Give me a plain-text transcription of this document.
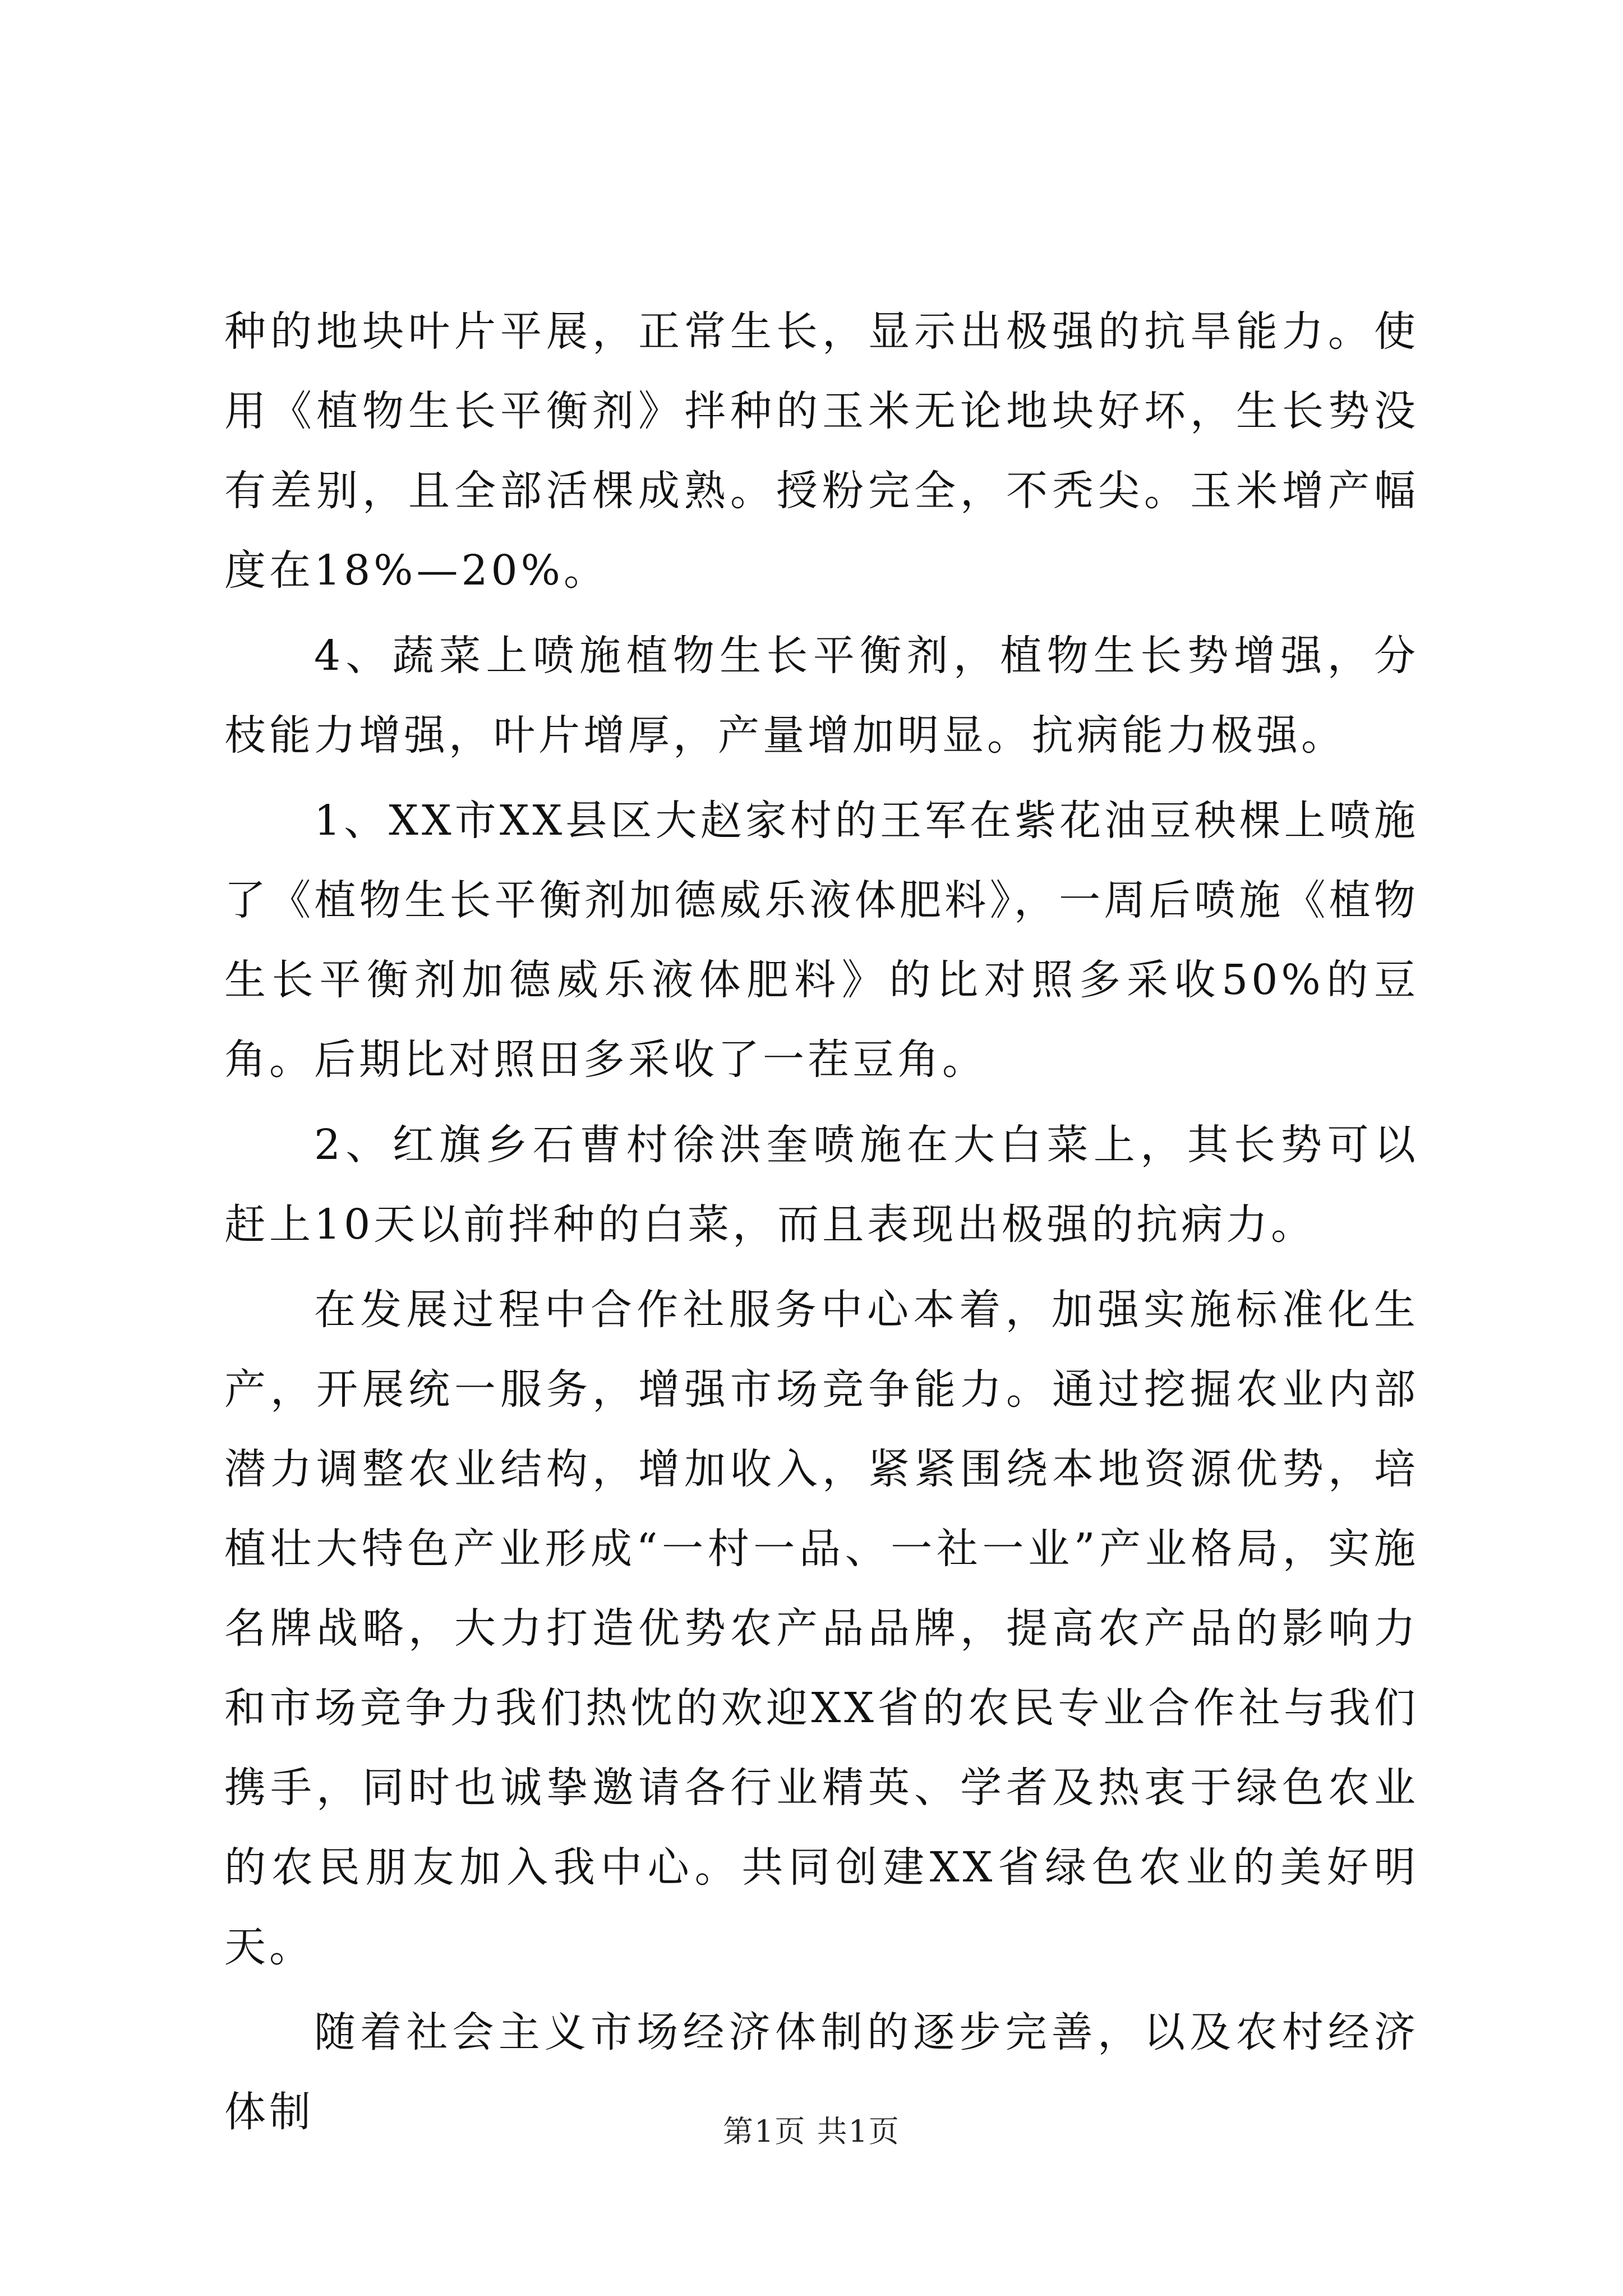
种的地块叶片平展，正常生长，显示出极强的抗旱能力。使用《植物生长平衡剂》拌种的玉米无论地块好坏，生长势没有差别，且全部活棵成熟。授粉完全，不秃尖。玉米增产幅度在18%—20%。

4、蔬菜上喷施植物生长平衡剂，植物生长势增强，分枝能力增强，叶片增厚，产量增加明显。抗病能力极强。

1、XX市XX县区大赵家村的王军在紫花油豆秧棵上喷施了《植物生长平衡剂加德威乐液体肥料》，一周后喷施《植物生长平衡剂加德威乐液体肥料》的比对照多采收50%的豆角。后期比对照田多采收了一茬豆角。

2、红旗乡石曹村徐洪奎喷施在大白菜上，其长势可以赶上10天以前拌种的白菜，而且表现出极强的抗病力。

在发展过程中合作社服务中心本着，加强实施标准化生产，开展统一服务，增强市场竞争能力。通过挖掘农业内部潜力调整农业结构，增加收入，紧紧围绕本地资源优势，培植壮大特色产业形成“一村一品、一社一业”产业格局，实施名牌战略，大力打造优势农产品品牌，提高农产品的影响力和市场竞争力我们热忱的欢迎XX省的农民专业合作社与我们携手，同时也诚挚邀请各行业精英、学者及热衷于绿色农业的农民朋友加入我中心。共同创建XX省绿色农业的美好明天。

随着社会主义市场经济体制的逐步完善，以及农村经济体制	第1页 共1页
